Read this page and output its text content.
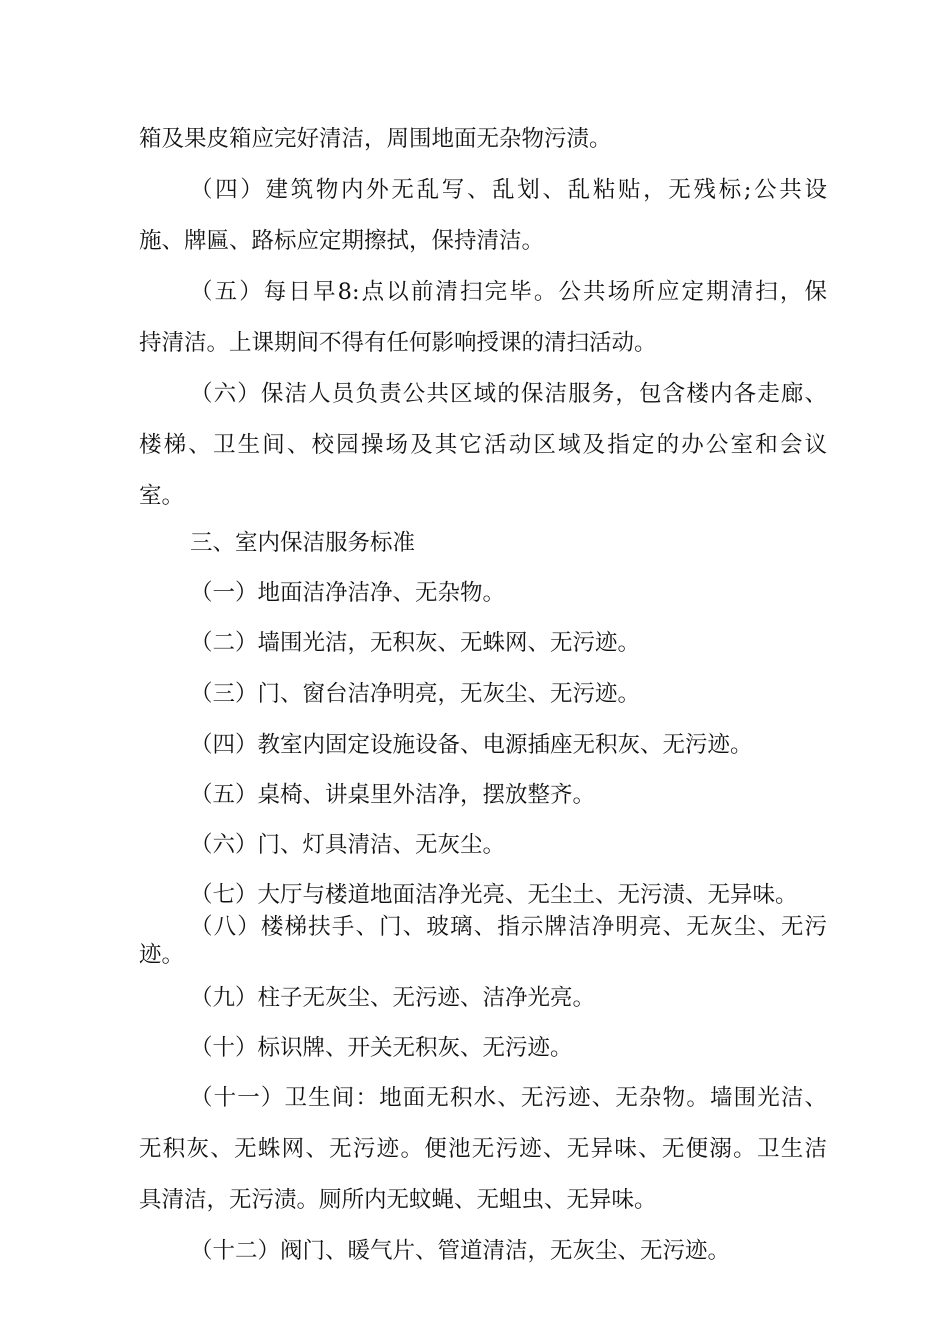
箱及果皮箱应完好清洁，周围地面无杂物污渍。
（四）建筑物内外无乱写、乱划、乱粘贴，无残标;公共设
施、牌匾、路标应定期擦拭，保持清洁。
（五）每日早8:点以前清扫完毕。公共场所应定期清扫，保
持清洁。上课期间不得有任何影响授课的清扫活动。
（六）保洁人员负责公共区域的保洁服务，包含楼内各走廊、
楼梯、卫生间、校园操场及其它活动区域及指定的办公室和会议
室。
三、室内保洁服务标准
（一）地面洁净洁净、无杂物。
（二）墙围光洁，无积灰、无蛛网、无污迹。
（三）门、窗台洁净明亮，无灰尘、无污迹。
（四）教室内固定设施设备、电源插座无积灰、无污迹。
（五）桌椅、讲桌里外洁净，摆放整齐。
（六）门、灯具清洁、无灰尘。
（七）大厅与楼道地面洁净光亮、无尘土、无污渍、无异味。
（八）楼梯扶手、门、玻璃、指示牌洁净明亮、无灰尘、无污
迹。
（九）柱子无灰尘、无污迹、洁净光亮。
（十）标识牌、开关无积灰、无污迹。
（十一）卫生间：地面无积水、无污迹、无杂物。墙围光洁、
无积灰、无蛛网、无污迹。便池无污迹、无异味、无便溺。卫生洁
具清洁，无污渍。厕所内无蚊蝇、无蛆虫、无异味。
（十二）阀门、暖气片、管道清洁，无灰尘、无污迹。
